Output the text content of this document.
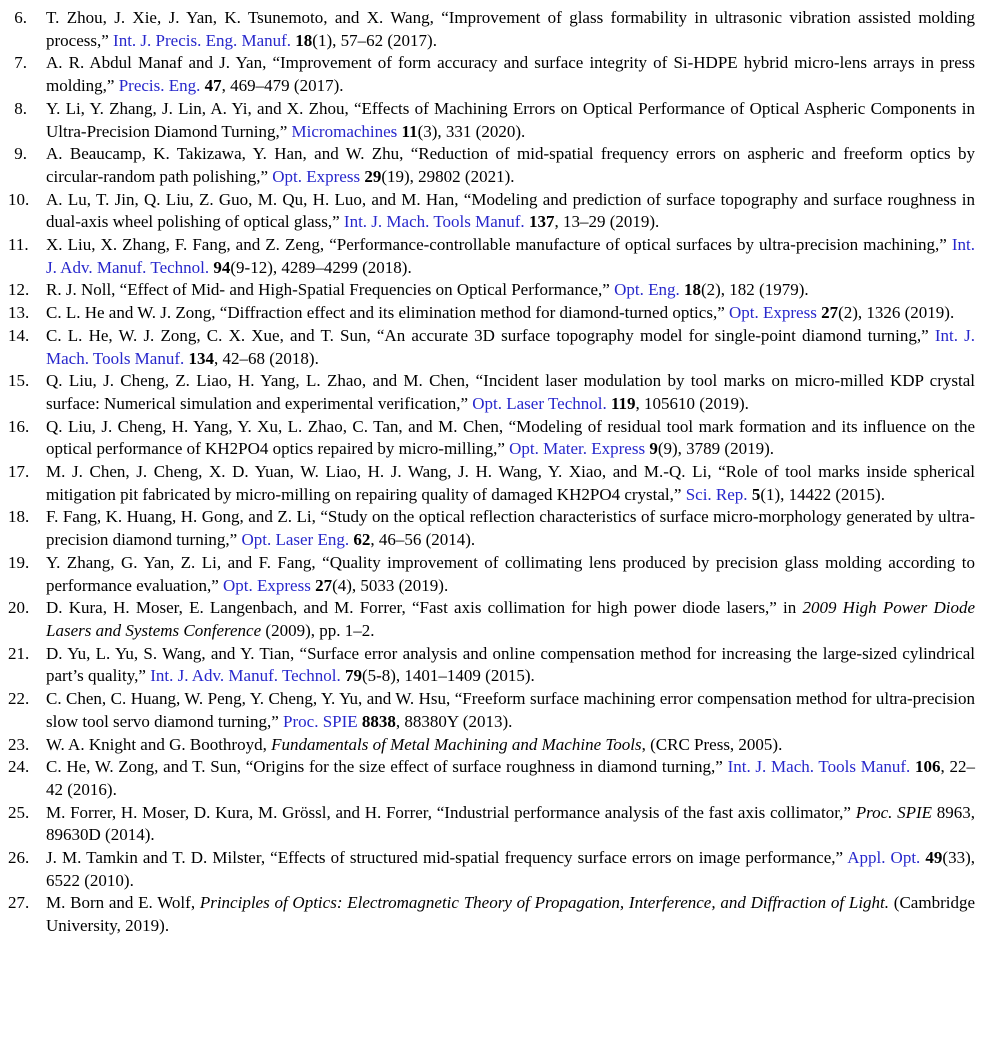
6. T. Zhou, J. Xie, J. Yan, K. Tsunemoto, and X. Wang, “Improvement of glass formability in ultrasonic vibration assisted molding process,” Int. J. Precis. Eng. Manuf. 18(1), 57–62 (2017).
7. A. R. Abdul Manaf and J. Yan, “Improvement of form accuracy and surface integrity of Si-HDPE hybrid micro-lens arrays in press molding,” Precis. Eng. 47, 469–479 (2017).
8. Y. Li, Y. Zhang, J. Lin, A. Yi, and X. Zhou, “Effects of Machining Errors on Optical Performance of Optical Aspheric Components in Ultra-Precision Diamond Turning,” Micromachines 11(3), 331 (2020).
9. A. Beaucamp, K. Takizawa, Y. Han, and W. Zhu, “Reduction of mid-spatial frequency errors on aspheric and freeform optics by circular-random path polishing,” Opt. Express 29(19), 29802 (2021).
10. A. Lu, T. Jin, Q. Liu, Z. Guo, M. Qu, H. Luo, and M. Han, “Modeling and prediction of surface topography and surface roughness in dual-axis wheel polishing of optical glass,” Int. J. Mach. Tools Manuf. 137, 13–29 (2019).
11. X. Liu, X. Zhang, F. Fang, and Z. Zeng, “Performance-controllable manufacture of optical surfaces by ultra-precision machining,” Int. J. Adv. Manuf. Technol. 94(9-12), 4289–4299 (2018).
12. R. J. Noll, “Effect of Mid- and High-Spatial Frequencies on Optical Performance,” Opt. Eng. 18(2), 182 (1979).
13. C. L. He and W. J. Zong, “Diffraction effect and its elimination method for diamond-turned optics,” Opt. Express 27(2), 1326 (2019).
14. C. L. He, W. J. Zong, C. X. Xue, and T. Sun, “An accurate 3D surface topography model for single-point diamond turning,” Int. J. Mach. Tools Manuf. 134, 42–68 (2018).
15. Q. Liu, J. Cheng, Z. Liao, H. Yang, L. Zhao, and M. Chen, “Incident laser modulation by tool marks on micro-milled KDP crystal surface: Numerical simulation and experimental verification,” Opt. Laser Technol. 119, 105610 (2019).
16. Q. Liu, J. Cheng, H. Yang, Y. Xu, L. Zhao, C. Tan, and M. Chen, “Modeling of residual tool mark formation and its influence on the optical performance of KH2PO4 optics repaired by micro-milling,” Opt. Mater. Express 9(9), 3789 (2019).
17. M. J. Chen, J. Cheng, X. D. Yuan, W. Liao, H. J. Wang, J. H. Wang, Y. Xiao, and M.-Q. Li, “Role of tool marks inside spherical mitigation pit fabricated by micro-milling on repairing quality of damaged KH2PO4 crystal,” Sci. Rep. 5(1), 14422 (2015).
18. F. Fang, K. Huang, H. Gong, and Z. Li, “Study on the optical reflection characteristics of surface micro-morphology generated by ultra-precision diamond turning,” Opt. Laser Eng. 62, 46–56 (2014).
19. Y. Zhang, G. Yan, Z. Li, and F. Fang, “Quality improvement of collimating lens produced by precision glass molding according to performance evaluation,” Opt. Express 27(4), 5033 (2019).
20. D. Kura, H. Moser, E. Langenbach, and M. Forrer, “Fast axis collimation for high power diode lasers,” in 2009 High Power Diode Lasers and Systems Conference (2009), pp. 1–2.
21. D. Yu, L. Yu, S. Wang, and Y. Tian, “Surface error analysis and online compensation method for increasing the large-sized cylindrical part’s quality,” Int. J. Adv. Manuf. Technol. 79(5-8), 1401–1409 (2015).
22. C. Chen, C. Huang, W. Peng, Y. Cheng, Y. Yu, and W. Hsu, “Freeform surface machining error compensation method for ultra-precision slow tool servo diamond turning,” Proc. SPIE 8838, 88380Y (2013).
23. W. A. Knight and G. Boothroyd, Fundamentals of Metal Machining and Machine Tools, (CRC Press, 2005).
24. C. He, W. Zong, and T. Sun, “Origins for the size effect of surface roughness in diamond turning,” Int. J. Mach. Tools Manuf. 106, 22–42 (2016).
25. M. Forrer, H. Moser, D. Kura, M. Grössl, and H. Forrer, “Industrial performance analysis of the fast axis collimator,” Proc. SPIE 8963, 89630D (2014).
26. J. M. Tamkin and T. D. Milster, “Effects of structured mid-spatial frequency surface errors on image performance,” Appl. Opt. 49(33), 6522 (2010).
27. M. Born and E. Wolf, Principles of Optics: Electromagnetic Theory of Propagation, Interference, and Diffraction of Light. (Cambridge University, 2019).
